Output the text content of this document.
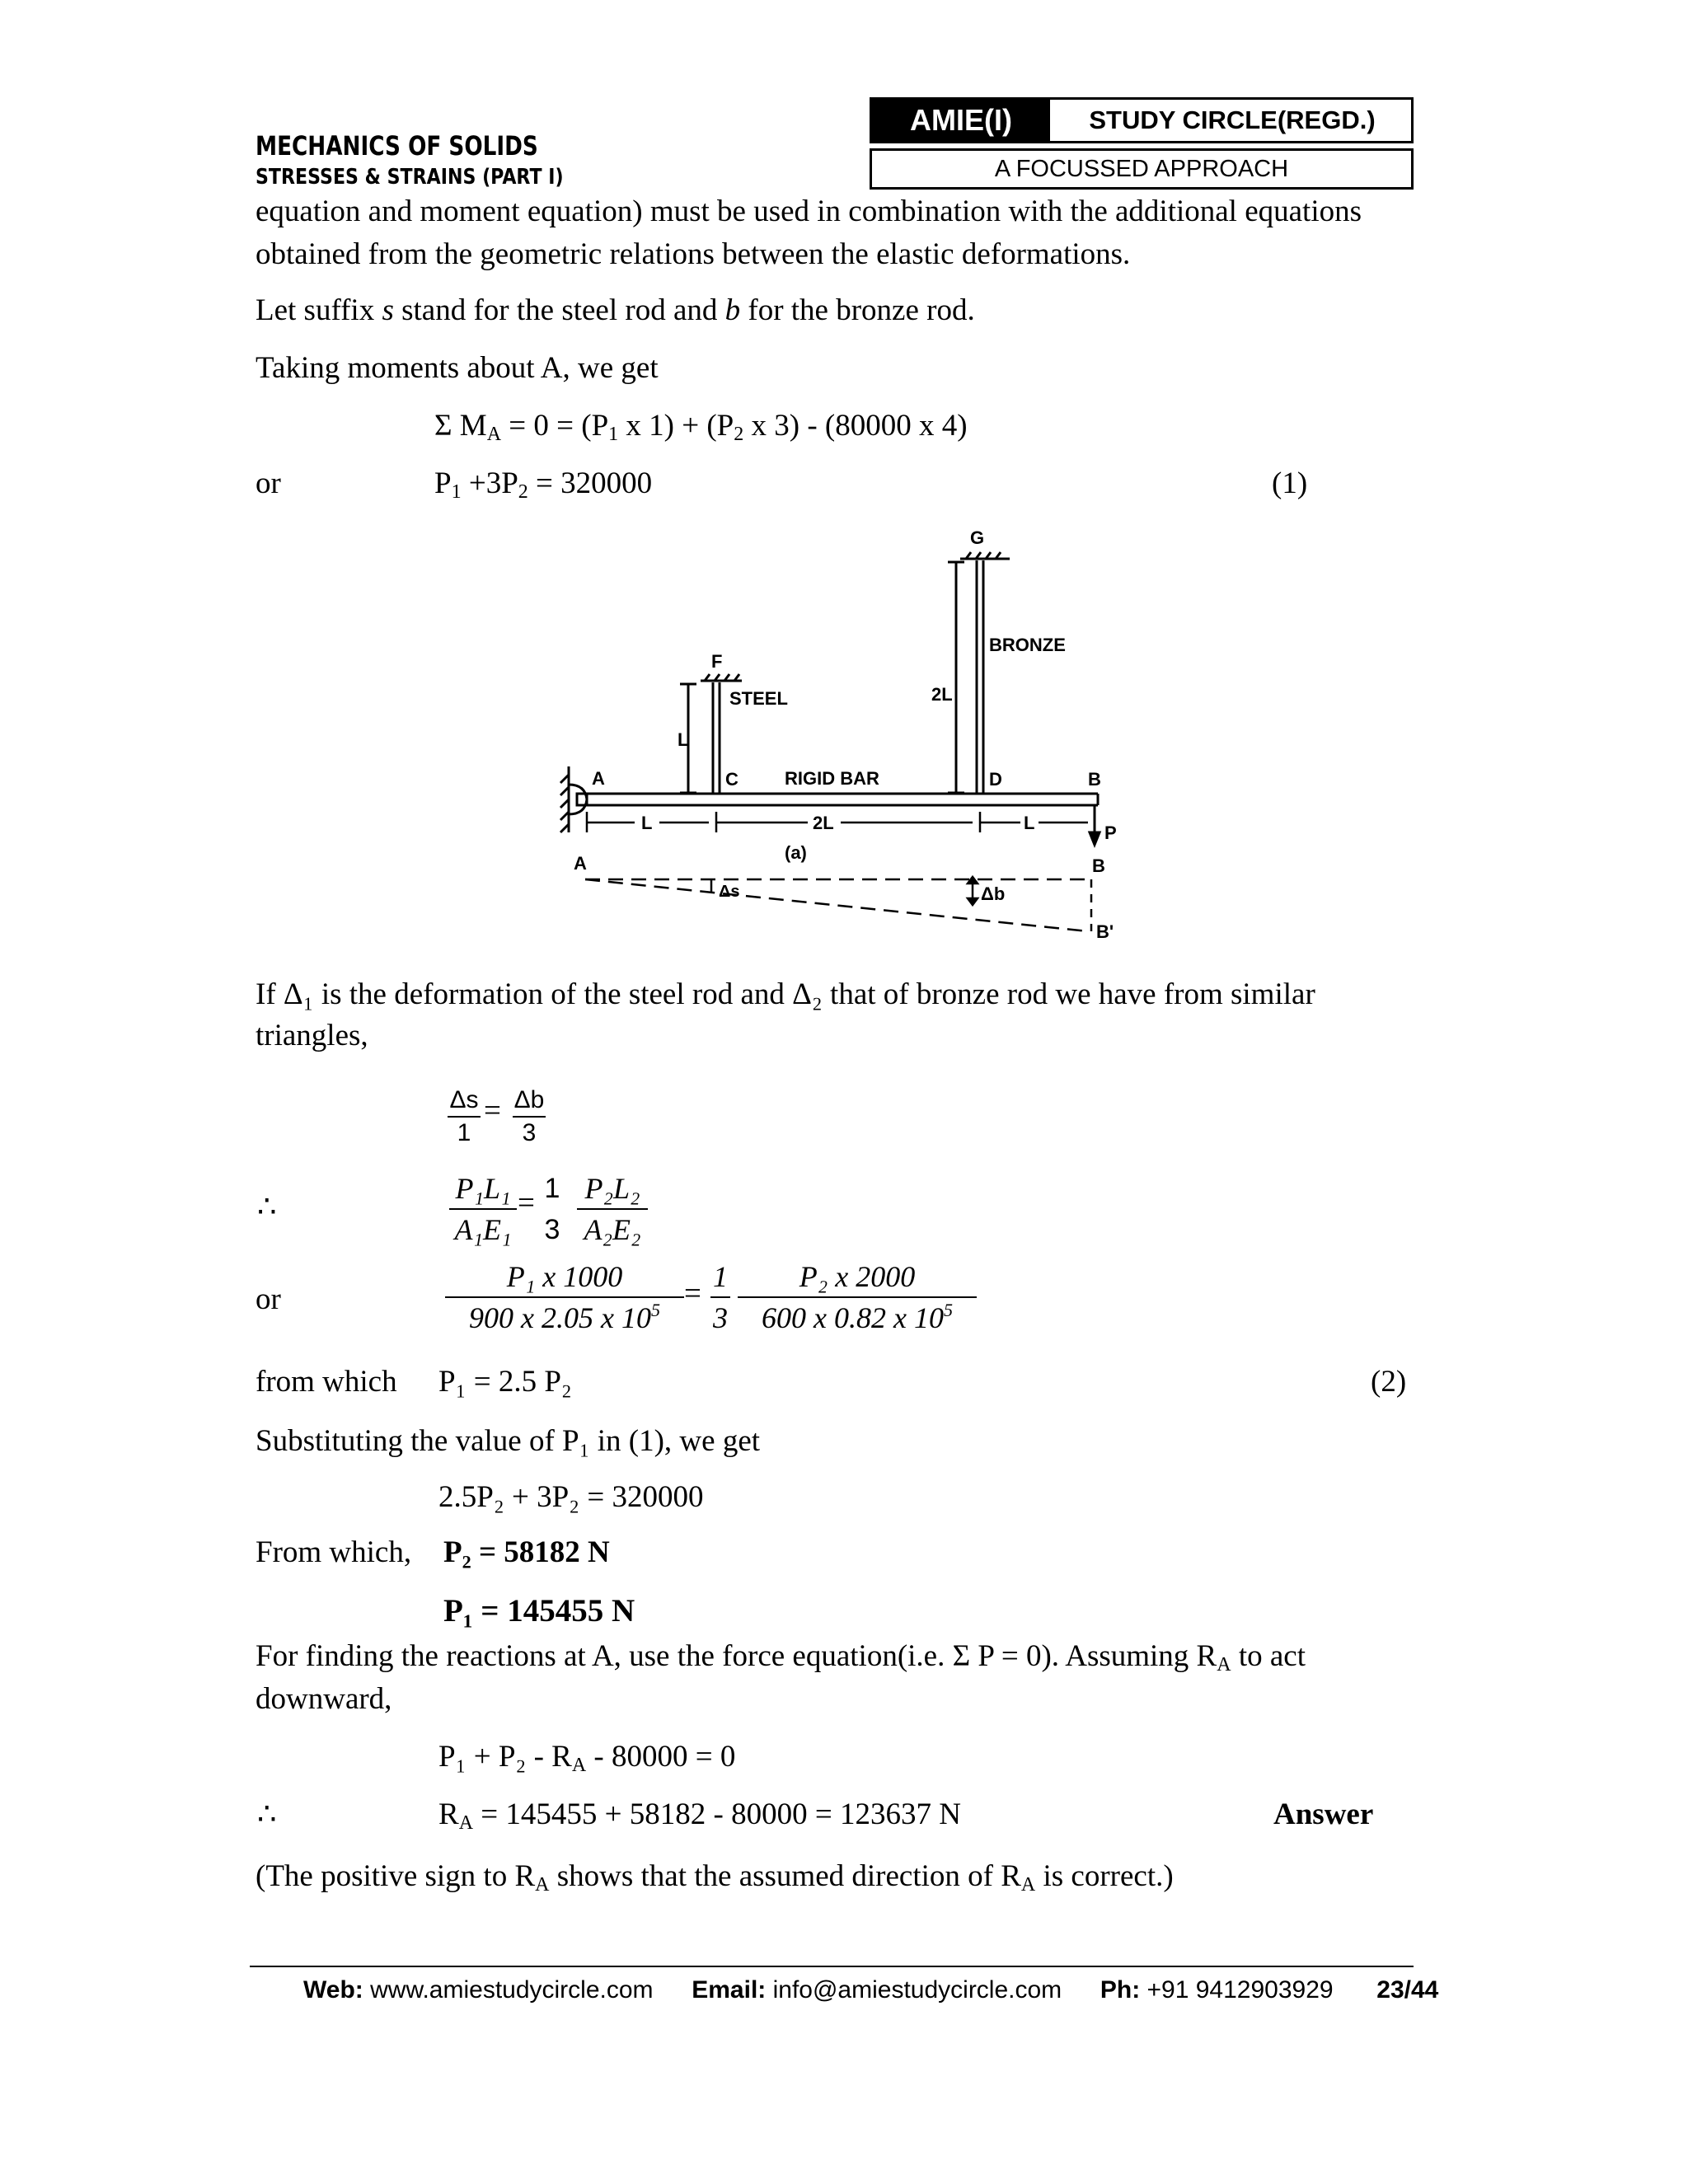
MECHANICS OF SOLIDS
STRESSES & STRAINS (PART I)
AMIE(I)	STUDY CIRCLE(REGD.)
A FOCUSSED APPROACH
equation and moment equation) must be used in combination with the additional equations
obtained from the geometric relations between the elastic deformations.
Let suffix s stand for the steel rod and b for the bronze rod.
Taking moments about A, we get
Σ $M_A = 0 = (P_1$ x $1) + (P_2$ x 3) - (80000 x 4)
or	$P_1 +3P_2 = 320000$	(1)
G
BRONZE
F
STEEL	2L
L
A	C	RIGID BAR	D	B
L	2L	L	P
(a)
A	B
Δs	Δb
B'
If Δ₁ is the deformation of the steel rod and Δ₂ that of bronze rod we have from similar
triangles,
Δs
1
= Δb
3
∴
P₁L₁
A₁E₁
= 1
3
P₂L₂
A₂E₂
or
P₁ x 1000
900 x 2.05 x $10^5 = 1$
3
P₂ x 2000
600 x 0.82 x $10^5$
from which P₁ = 2.5 P₂	(2)
Substituting the value of P₁ in (1), we get
2.5P₂ + 3P₂ = 320000
From which, P₂ = 58182 N
P₁ = 145455 N
For finding the reactions at A, use the force equation(i.e. Σ P = 0). Assuming $R_A$ to act
downward,
$P_1 + P_2 - R_A - 80000 = 0$
∴	$R_A = 145455 + 58182 - 80000 = 123637$ N	Answer
(The positive sign to $R_A$ shows that the assumed direction of $R_A$ is correct.)
Web: www.amiestudycircle.com Email: info@amiestudycircle.com Ph: +91 9412903929 23/44
